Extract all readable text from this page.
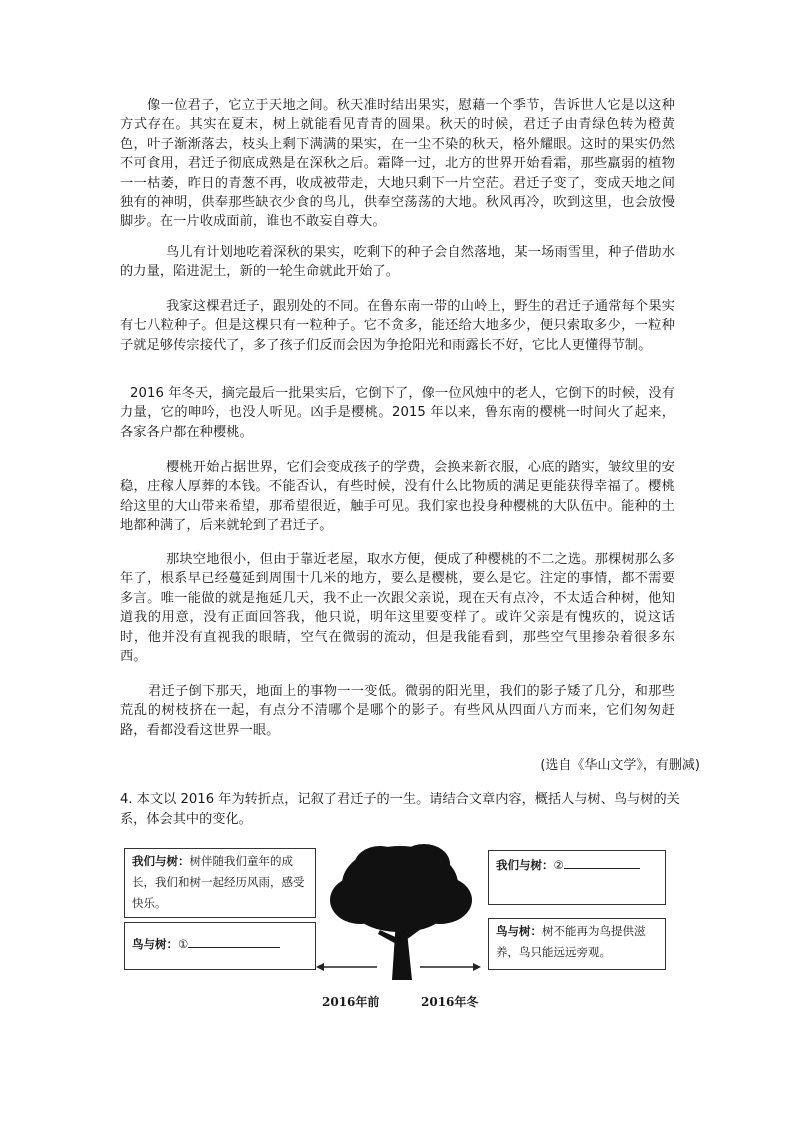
像一位君子，它立于天地之间。秋天准时结出果实，慰藉一个季节，告诉世人它是以这种方式存在。其实在夏末，树上就能看见青青的圆果。秋天的时候，君迁子由青绿色转为橙黄色，叶子渐渐落去，枝头上剩下满满的果实，在一尘不染的秋天，格外耀眼。这时的果实仍然不可食用，君迁子彻底成熟是在深秋之后。霜降一过，北方的世界开始看霜，那些羸弱的植物一一枯萎，昨日的青葱不再，收成被带走，大地只剩下一片空茫。君迁子变了，变成天地之间独有的神明，供奉那些缺衣少食的鸟儿，供奉空荡荡的大地。秋风再冷，吹到这里，也会放慢脚步。在一片收成面前，谁也不敢妄自尊大。

鸟儿有计划地吃着深秋的果实，吃剩下的种子会自然落地，某一场雨雪里，种子借助水的力量，陷进泥土，新的一轮生命就此开始了。

我家这棵君迁子，跟别处的不同。在鲁东南一带的山岭上，野生的君迁子通常每个果实有七八粒种子。但是这棵只有一粒种子。它不贪多，能还给大地多少，便只索取多少，一粒种子就足够传宗接代了，多了孩子们反而会因为争抢阳光和雨露长不好，它比人更懂得节制。

2016 年冬天，摘完最后一批果实后，它倒下了，像一位风烛中的老人，它倒下的时候，没有力量，它的呻吟，也没人听见。凶手是樱桃。2015 年以来，鲁东南的樱桃一时间火了起来，各家各户都在种樱桃。

樱桃开始占据世界，它们会变成孩子的学费，会换来新衣服，心底的踏实，皱纹里的安稳，庄稼人厚葬的本钱。不能否认，有些时候，没有什么比物质的满足更能获得幸福了。樱桃给这里的大山带来希望，那希望很近，触手可见。我们家也投身种樱桃的大队伍中。能种的土地都种满了，后来就轮到了君迁子。

那块空地很小，但由于靠近老屋，取水方便，便成了种樱桃的不二之选。那棵树那么多年了，根系早已经蔓延到周围十几米的地方，要么是樱桃，要么是它。注定的事情，都不需要多言。唯一能做的就是拖延几天，我不止一次跟父亲说，现在天有点冷，不太适合种树，他知道我的用意，没有正面回答我，他只说，明年这里要变样了。或许父亲是有愧疚的，说这话时，他并没有直视我的眼睛，空气在微弱的流动，但是我能看到，那些空气里掺杂着很多东西。

君迁子倒下那天，地面上的事物一一变低。微弱的阳光里，我们的影子矮了几分，和那些荒乱的树枝挤在一起，有点分不清哪个是哪个的影子。有些风从四面八方而来，它们匆匆赶路，看都没看这世界一眼。

(选自《华山文学》，有删减)

4. 本文以 2016 年为转折点，记叙了君迁子的一生。请结合文章内容，概括人与树、鸟与树的关系，体会其中的变化。

我们与树：树伴随我们童年的成长，我们和树一起经历风雨，感受快乐。
鸟与树：①
我们与树：②
鸟与树：树不能再为鸟提供滋养，鸟只能远远旁观。
2016年前	2016年冬
